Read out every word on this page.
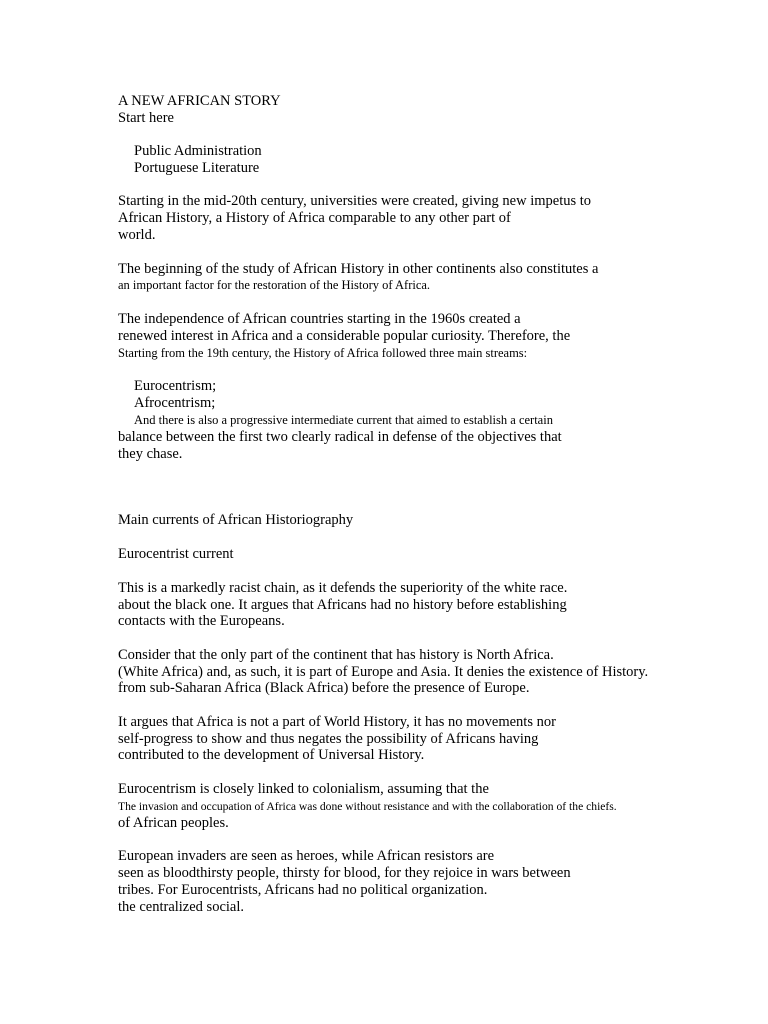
A NEW AFRICAN STORY
Start here
Public Administration
Portuguese Literature
Starting in the mid-20th century, universities were created, giving new impetus to
African History, a History of Africa comparable to any other part of
world.
The beginning of the study of African History in other continents also constitutes a
an important factor for the restoration of the History of Africa.
The independence of African countries starting in the 1960s created a
renewed interest in Africa and a considerable popular curiosity. Therefore, the
Starting from the 19th century, the History of Africa followed three main streams:
Eurocentrism;
Afrocentrism;
And there is also a progressive intermediate current that aimed to establish a certain
balance between the first two clearly radical in defense of the objectives that
they chase.
Main currents of African Historiography
Eurocentrist current
This is a markedly racist chain, as it defends the superiority of the white race.
about the black one. It argues that Africans had no history before establishing
contacts with the Europeans.
Consider that the only part of the continent that has history is North Africa.
(White Africa) and, as such, it is part of Europe and Asia. It denies the existence of History.
from sub-Saharan Africa (Black Africa) before the presence of Europe.
It argues that Africa is not a part of World History, it has no movements nor
self-progress to show and thus negates the possibility of Africans having
contributed to the development of Universal History.
Eurocentrism is closely linked to colonialism, assuming that the
The invasion and occupation of Africa was done without resistance and with the collaboration of the chiefs.
of African peoples.
European invaders are seen as heroes, while African resistors are
seen as bloodthirsty people, thirsty for blood, for they rejoice in wars between
tribes. For Eurocentrists, Africans had no political organization.
the centralized social.
